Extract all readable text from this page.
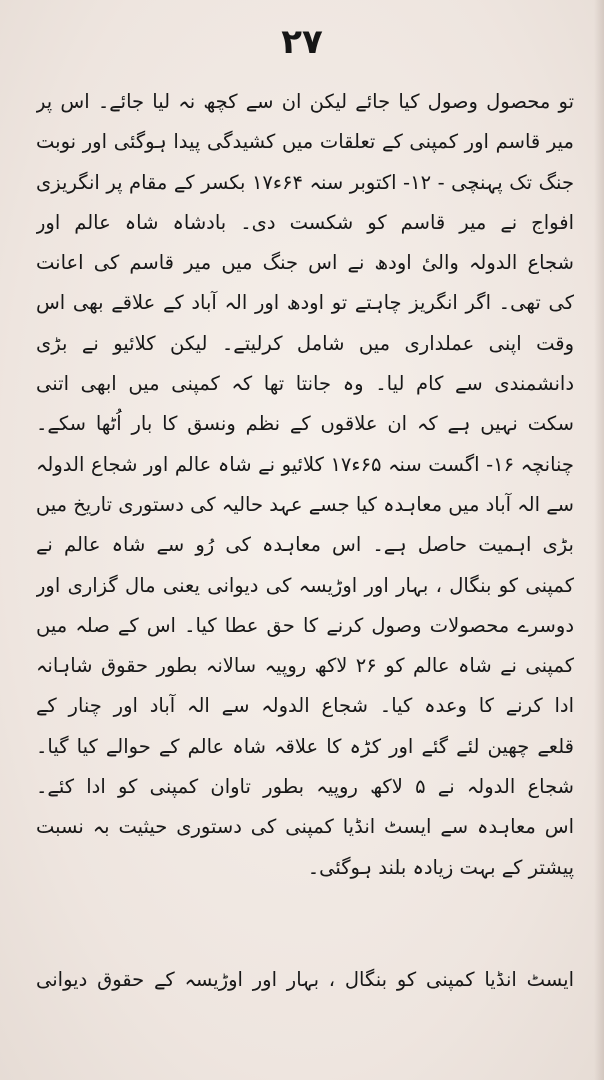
۲۷
تو محصول وصول کیا جائے لیکن ان سے کچھ نہ لیا جائے۔ اس پر
میر قاسم اور کمپنی کے تعلقات میں کشیدگی پیدا ہوگئی اور نوبت
جنگ تک پہنچی - ۱۲- اکتوبر سنہ ۶۴ء۱۷ بکسر کے مقام پر انگریزی
افواج نے میر قاسم کو شکست دی۔ بادشاہ شاہ عالم اور
شجاع الدولہ والیٔ اودھ نے اس جنگ میں میر قاسم کی اعانت
کی تھی۔ اگر انگریز چاہتے تو اودھ اور الہ آباد کے علاقے بھی اس
وقت اپنی عملداری میں شامل کرلیتے۔ لیکن کلائیو نے بڑی
دانشمندی سے کام لیا۔ وہ جانتا تھا کہ کمپنی میں ابھی اتنی
سکت نہیں ہے کہ ان علاقوں کے نظم ونسق کا بار اُٹھا سکے۔
چنانچہ ۱۶- اگست سنہ ۶۵ء۱۷ کلائیو نے شاہ عالم اور شجاع الدولہ
سے الہ آباد میں معاہدہ کیا جسے عہد حالیہ کی دستوری تاریخ میں
بڑی اہمیت حاصل ہے۔ اس معاہدہ کی رُو سے شاہ عالم نے
کمپنی کو بنگال ، بہار اور اوڑیسہ کی دیوانی یعنی مال گزاری اور
دوسرے محصولات وصول کرنے کا حق عطا کیا۔ اس کے صلہ میں
کمپنی نے شاہ عالم کو ۲۶ لاکھ روپیہ سالانہ بطور حقوق شاہانہ
ادا کرنے کا وعدہ کیا۔ شجاع الدولہ سے الہ آباد اور چنار کے
قلعے چھین لئے گئے اور کڑہ کا علاقہ شاہ عالم کے حوالے کیا گیا۔
شجاع الدولہ نے ۵ لاکھ روپیہ بطور تاوان کمپنی کو ادا کئے۔
اس معاہدہ سے ایسٹ انڈیا کمپنی کی دستوری حیثیت بہ نسبت
پیشتر کے بہت زیادہ بلند ہوگئی۔
ایسٹ انڈیا کمپنی کو بنگال ، بہار اور اوڑیسہ کے حقوق دیوانی
